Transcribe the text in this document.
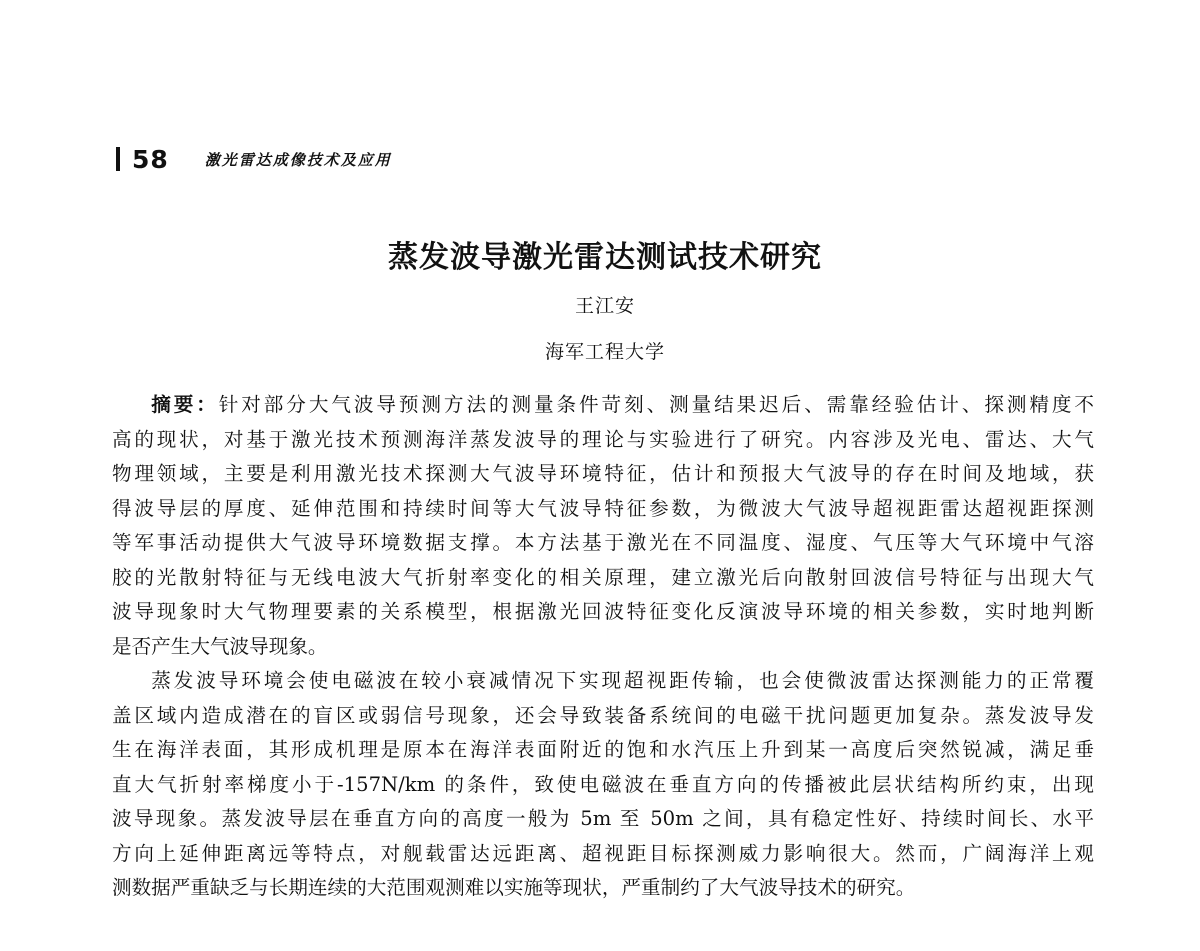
58 激光雷达成像技术及应用
蒸发波导激光雷达测试技术研究
王江安
海军工程大学
摘要：针对部分大气波导预测方法的测量条件苛刻、测量结果迟后、需靠经验估计、探测精度不
高的现状，对基于激光技术预测海洋蒸发波导的理论与实验进行了研究。内容涉及光电、雷达、大气
物理领域，主要是利用激光技术探测大气波导环境特征，估计和预报大气波导的存在时间及地域，获
得波导层的厚度、延伸范围和持续时间等大气波导特征参数，为微波大气波导超视距雷达超视距探测
等军事活动提供大气波导环境数据支撑。本方法基于激光在不同温度、湿度、气压等大气环境中气溶
胶的光散射特征与无线电波大气折射率变化的相关原理，建立激光后向散射回波信号特征与出现大气
波导现象时大气物理要素的关系模型，根据激光回波特征变化反演波导环境的相关参数，实时地判断
是否产生大气波导现象。
蒸发波导环境会使电磁波在较小衰减情况下实现超视距传输，也会使微波雷达探测能力的正常覆
盖区域内造成潜在的盲区或弱信号现象，还会导致装备系统间的电磁干扰问题更加复杂。蒸发波导发
生在海洋表面，其形成机理是原本在海洋表面附近的饱和水汽压上升到某一高度后突然锐减，满足垂
直大气折射率梯度小于-157N/km 的条件，致使电磁波在垂直方向的传播被此层状结构所约束，出现
波导现象。蒸发波导层在垂直方向的高度一般为 5m 至 50m 之间，具有稳定性好、持续时间长、水平
方向上延伸距离远等特点，对舰载雷达远距离、超视距目标探测威力影响很大。然而，广阔海洋上观
测数据严重缺乏与长期连续的大范围观测难以实施等现状，严重制约了大气波导技术的研究。
